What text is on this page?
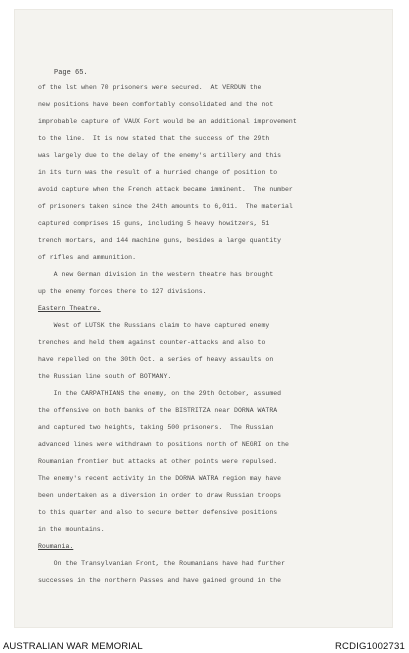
Page 65.
of the lst when 70 prisoners were secured.  At VERDUN the
new positions have been comfortably consolidated and the not
improbable capture of VAUX Fort would be an additional improvement
to the line.  It is now stated that the success of the 29th
was largely due to the delay of the enemy's artillery and this
in its turn was the result of a hurried change of position to
avoid capture when the French attack became imminent.  The number
of prisoners taken since the 24th amounts to 6,011.  The material
captured comprises 15 guns, including 5 heavy howitzers, 51
trench mortars, and 144 machine guns, besides a large quantity
of rifles and ammunition.
A new German division in the western theatre has brought
up the enemy forces there to 127 divisions.
Eastern Theatre.
West of LUTSK the Russians claim to have captured enemy
trenches and held them against counter-attacks and also to
have repelled on the 30th Oct. a series of heavy assaults on
the Russian line south of BOTMANY.
In the CARPATHIANS the enemy, on the 29th October, assumed
the offensive on both banks of the BISTRITZA near DORNA WATRA
and captured two heights, taking 500 prisoners.  The Russian
advanced lines were withdrawn to positions north of NEGRI on the
Roumanian frontier but attacks at other points were repulsed.
The enemy's recent activity in the DORNA WATRA region may have
been undertaken as a diversion in order to draw Russian troops
to this quarter and also to secure better defensive positions
in the mountains.
Roumania.
On the Transylvanian Front, the Roumanians have had further
successes in the northern Passes and have gained ground in the
AUSTRALIAN WAR MEMORIAL	RCDIG1002731
